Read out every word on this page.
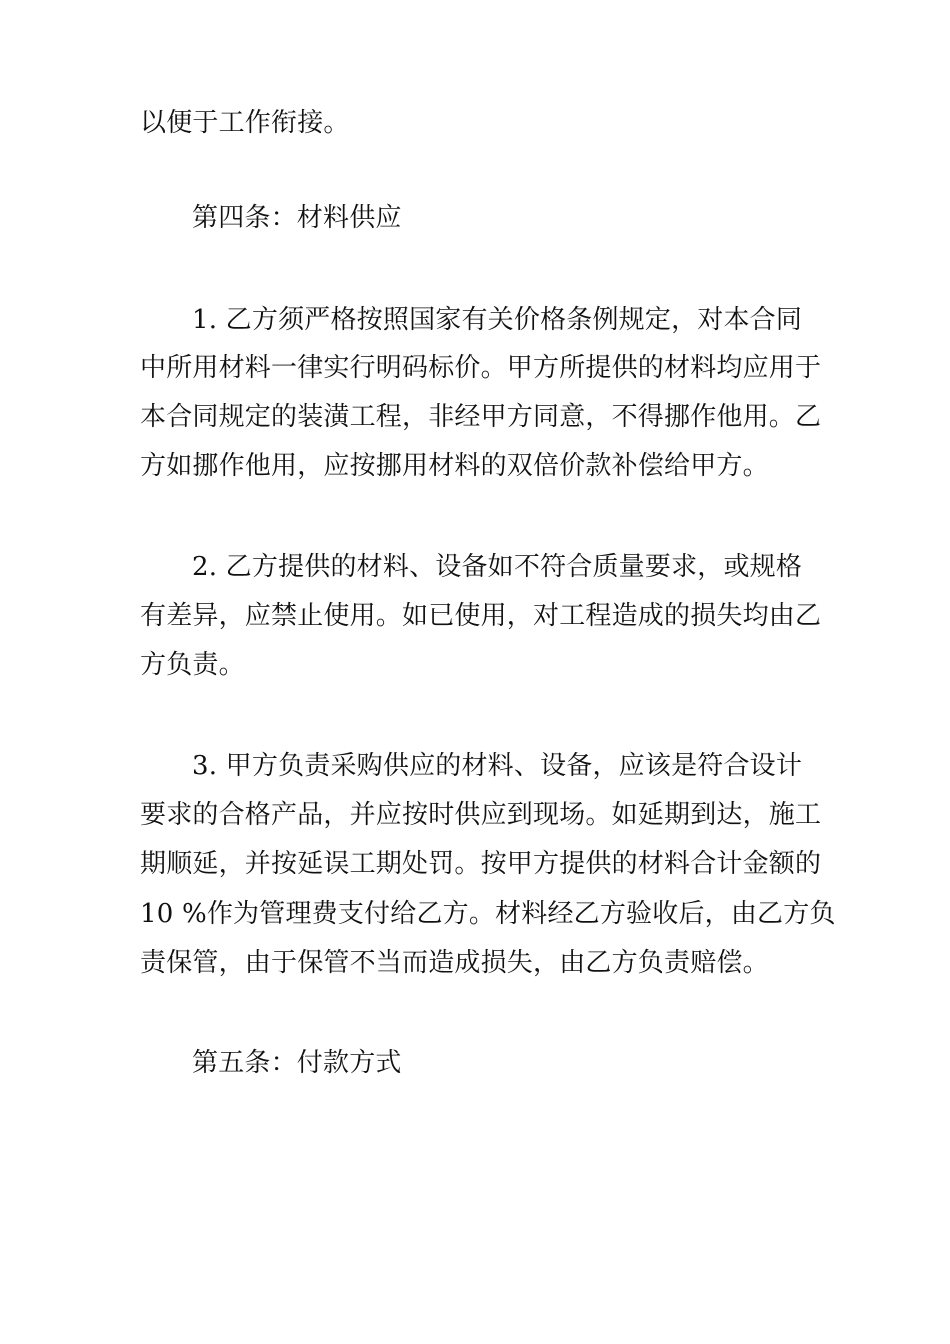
以便于工作衔接。
第四条：材料供应
1. 乙方须严格按照国家有关价格条例规定，对本合同
中所用材料一律实行明码标价。甲方所提供的材料均应用于
本合同规定的装潢工程，非经甲方同意，不得挪作他用。乙
方如挪作他用，应按挪用材料的双倍价款补偿给甲方。
2. 乙方提供的材料、设备如不符合质量要求，或规格
有差异，应禁止使用。如已使用，对工程造成的损失均由乙
方负责。
3. 甲方负责采购供应的材料、设备，应该是符合设计
要求的合格产品，并应按时供应到现场。如延期到达，施工
期顺延，并按延误工期处罚。按甲方提供的材料合计金额的
10 %作为管理费支付给乙方。材料经乙方验收后，由乙方负
责保管，由于保管不当而造成损失，由乙方负责赔偿。
第五条：付款方式
